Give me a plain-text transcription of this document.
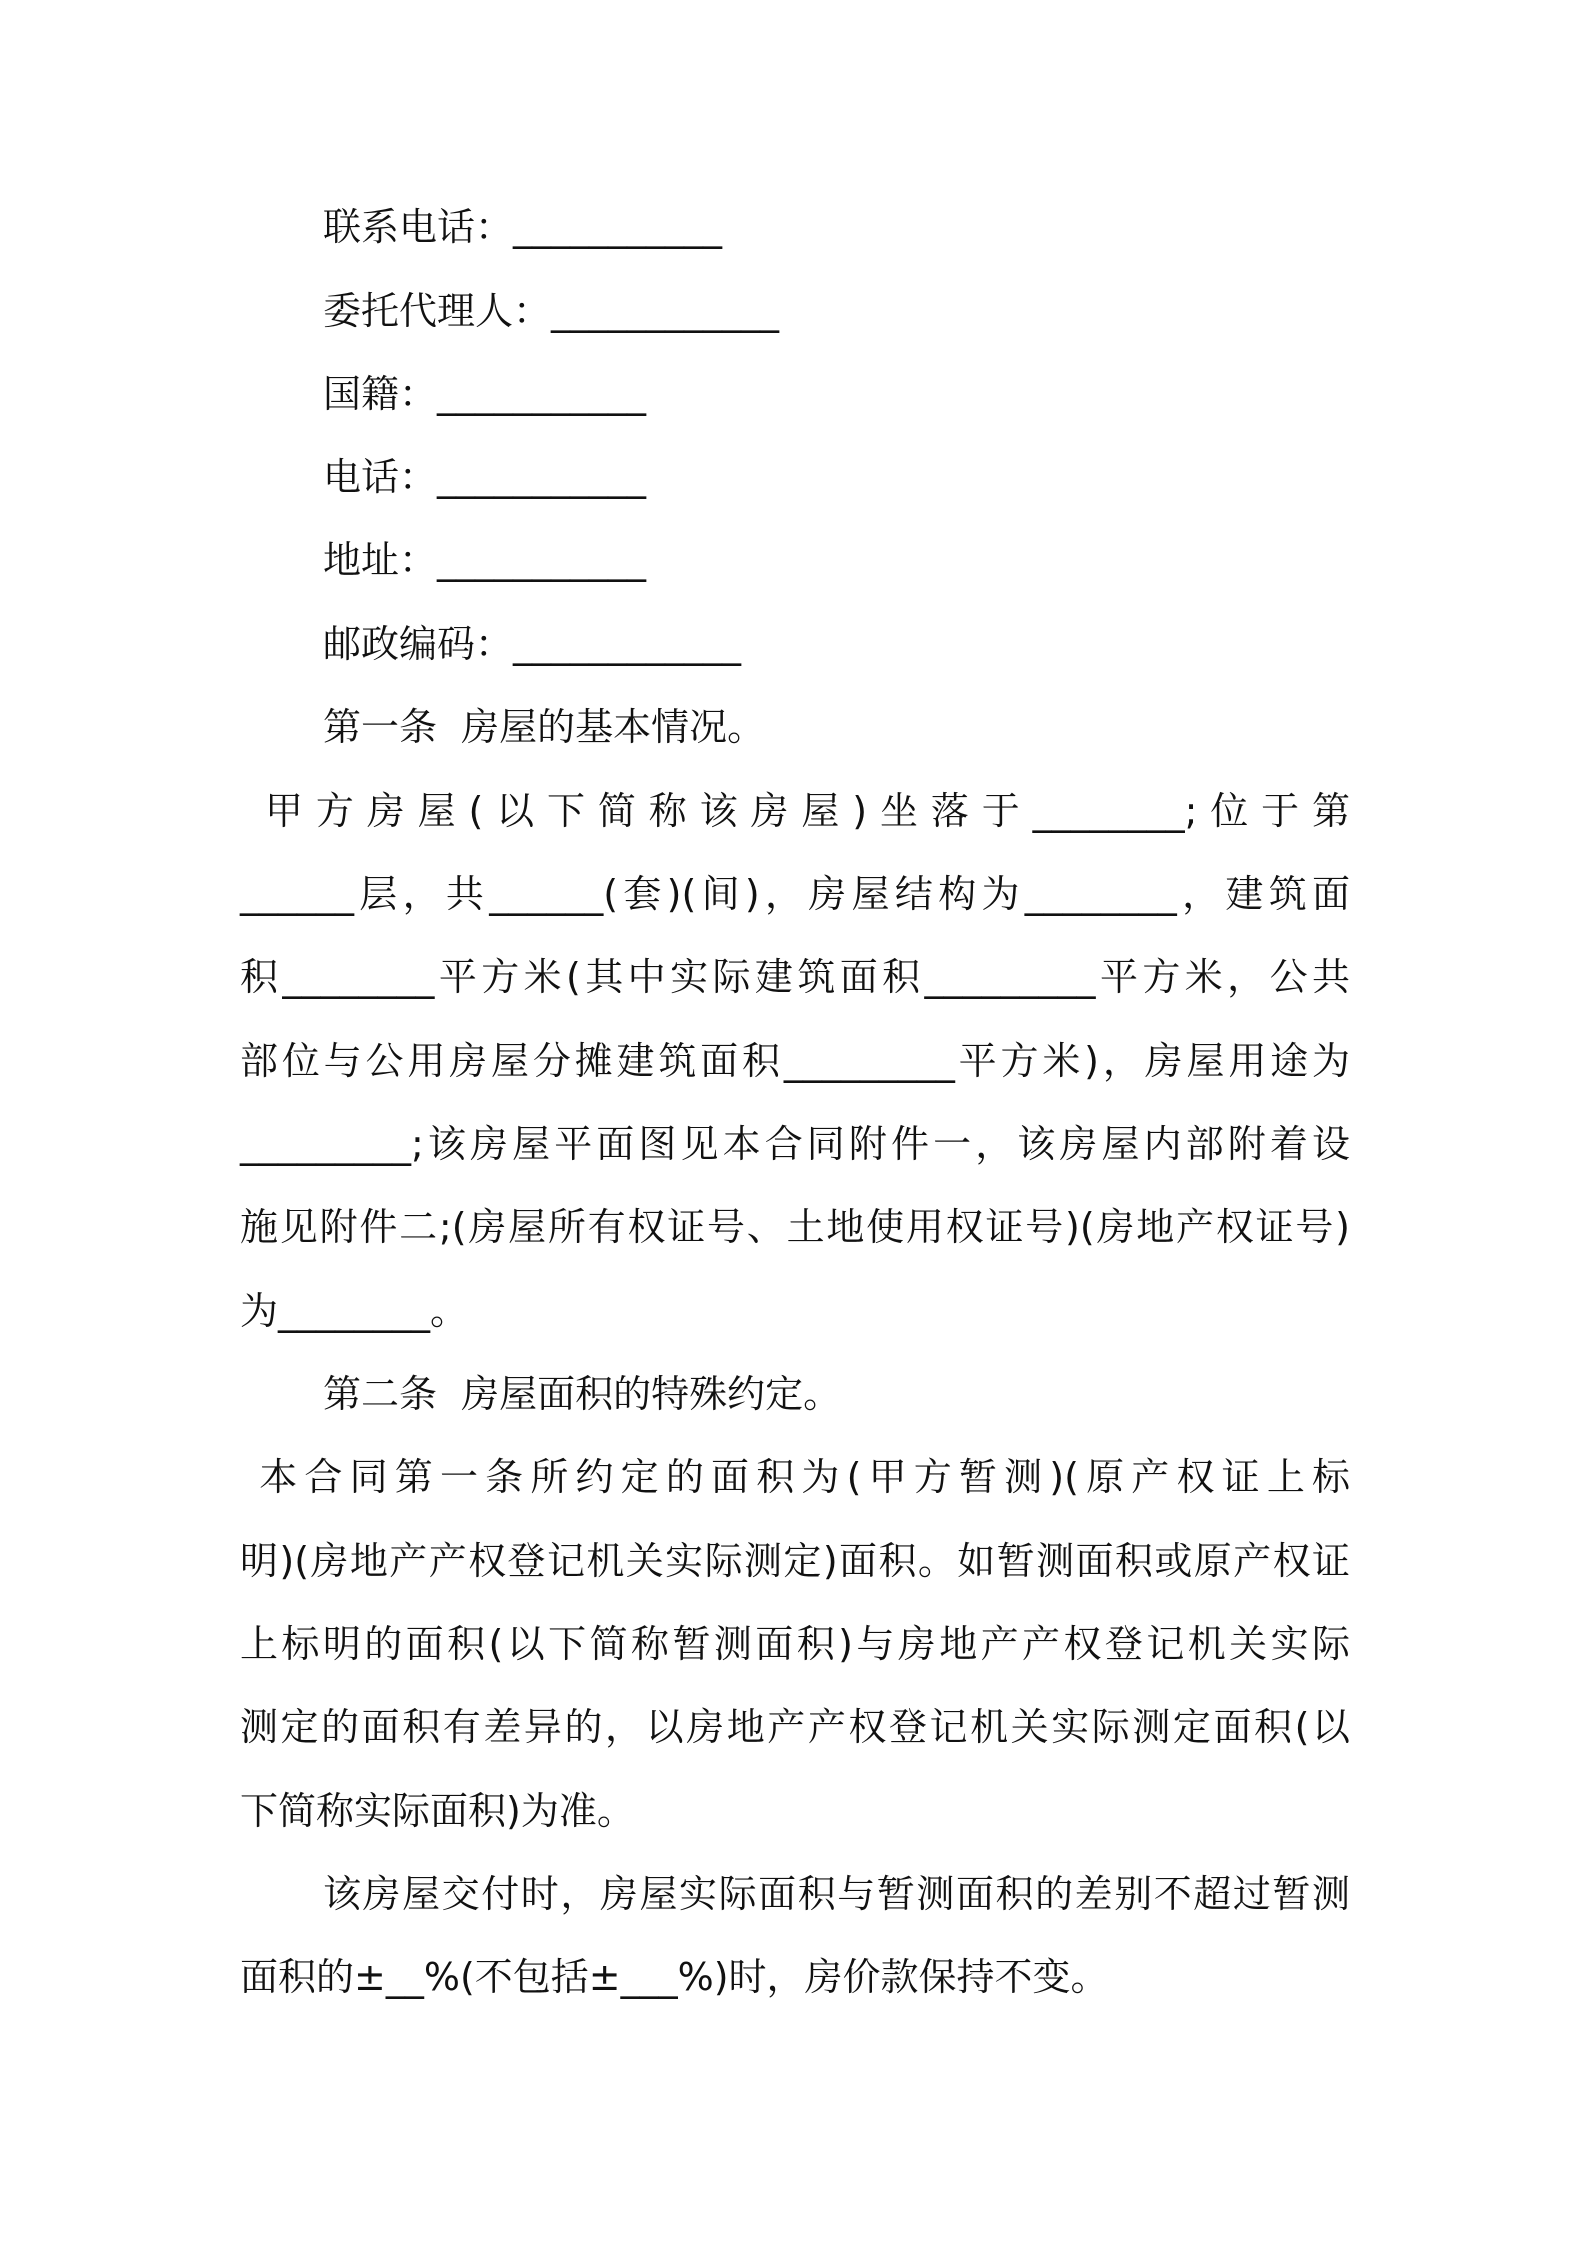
联系电话：___________
委托代理人：____________
国籍：___________
电话：___________
地址：___________
邮政编码：____________
第一条  房屋的基本情况。
甲方房屋(以下简称该房屋)坐落于________;位于第
______层，共______(套)(间)，房屋结构为________，建筑面
积________平方米(其中实际建筑面积_________平方米，公共
部位与公用房屋分摊建筑面积_________平方米)，房屋用途为
_________;该房屋平面图见本合同附件一，该房屋内部附着设
施见附件二;(房屋所有权证号、土地使用权证号)(房地产权证号)
为________。
第二条  房屋面积的特殊约定。
本合同第一条所约定的面积为(甲方暂测)(原产权证上标
明)(房地产产权登记机关实际测定)面积。如暂测面积或原产权证
上标明的面积(以下简称暂测面积)与房地产产权登记机关实际
测定的面积有差异的，以房地产产权登记机关实际测定面积(以
下简称实际面积)为准。
该房屋交付时，房屋实际面积与暂测面积的差别不超过暂测
面积的±__%(不包括±___%)时，房价款保持不变。
